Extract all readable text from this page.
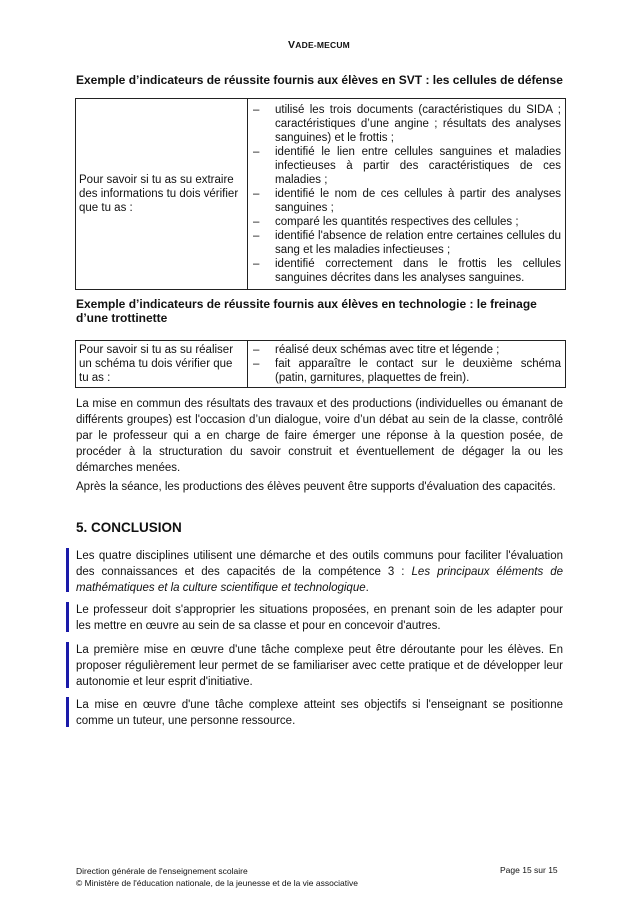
VADE-MECUM
Exemple d’indicateurs de réussite fournis aux élèves en SVT : les cellules de défense
Pour savoir si tu as su extraire des informations tu dois vérifier que tu as :	
–	utilisé les trois documents (caractéristiques du SIDA ; caractéristiques d’une angine ; résultats des analyses sanguines) et le frottis ;
–	identifié le lien entre cellules sanguines et maladies infectieuses à partir des caractéristiques de ces maladies ;
–	identifié le nom de ces cellules à partir des analyses sanguines ;
–	comparé les quantités respectives des cellules ;
–	identifié l'absence de relation entre certaines cellules du sang et les maladies infectieuses ;
–	identifié correctement dans le frottis les cellules sanguines décrites dans les analyses sanguines.
Exemple d’indicateurs de réussite fournis aux élèves en technologie : le freinage
d’une trottinette
Pour savoir si tu as su réaliser un schéma tu dois vérifier que tu as :	
–	réalisé deux schémas avec titre et légende ;
–	fait apparaître le contact sur le deuxième schéma (patin, garnitures, plaquettes de frein).
La mise en commun des résultats des travaux et des productions (individuelles ou émanant de différents groupes) est l'occasion d’un dialogue, voire d’un débat au sein de la classe, contrôlé par le professeur qui a en charge de faire émerger une réponse à la question posée, de procéder à la structuration du savoir construit et éventuellement de dégager la ou les démarches menées.
Après la séance, les productions des élèves peuvent être supports d'évaluation des capacités.
5. CONCLUSION
Les quatre disciplines utilisent une démarche et des outils communs pour faciliter l'évaluation des connaissances et des capacités de la compétence 3 : Les principaux éléments de mathématiques et la culture scientifique et technologique.
Le professeur doit s'approprier les situations proposées, en prenant soin de les adapter pour les mettre en œuvre au sein de sa classe et pour en concevoir d'autres.
La première mise en œuvre d'une tâche complexe peut être déroutante pour les élèves. En proposer régulièrement leur permet de se familiariser avec cette pratique et de développer leur autonomie et leur esprit d'initiative.
La mise en œuvre d'une tâche complexe atteint ses objectifs si l'enseignant se positionne comme un tuteur, une personne ressource.
Direction générale de l'enseignement scolaire
© Ministère de l'éducation nationale, de la jeunesse et de la vie associative
Page 15 sur 15
